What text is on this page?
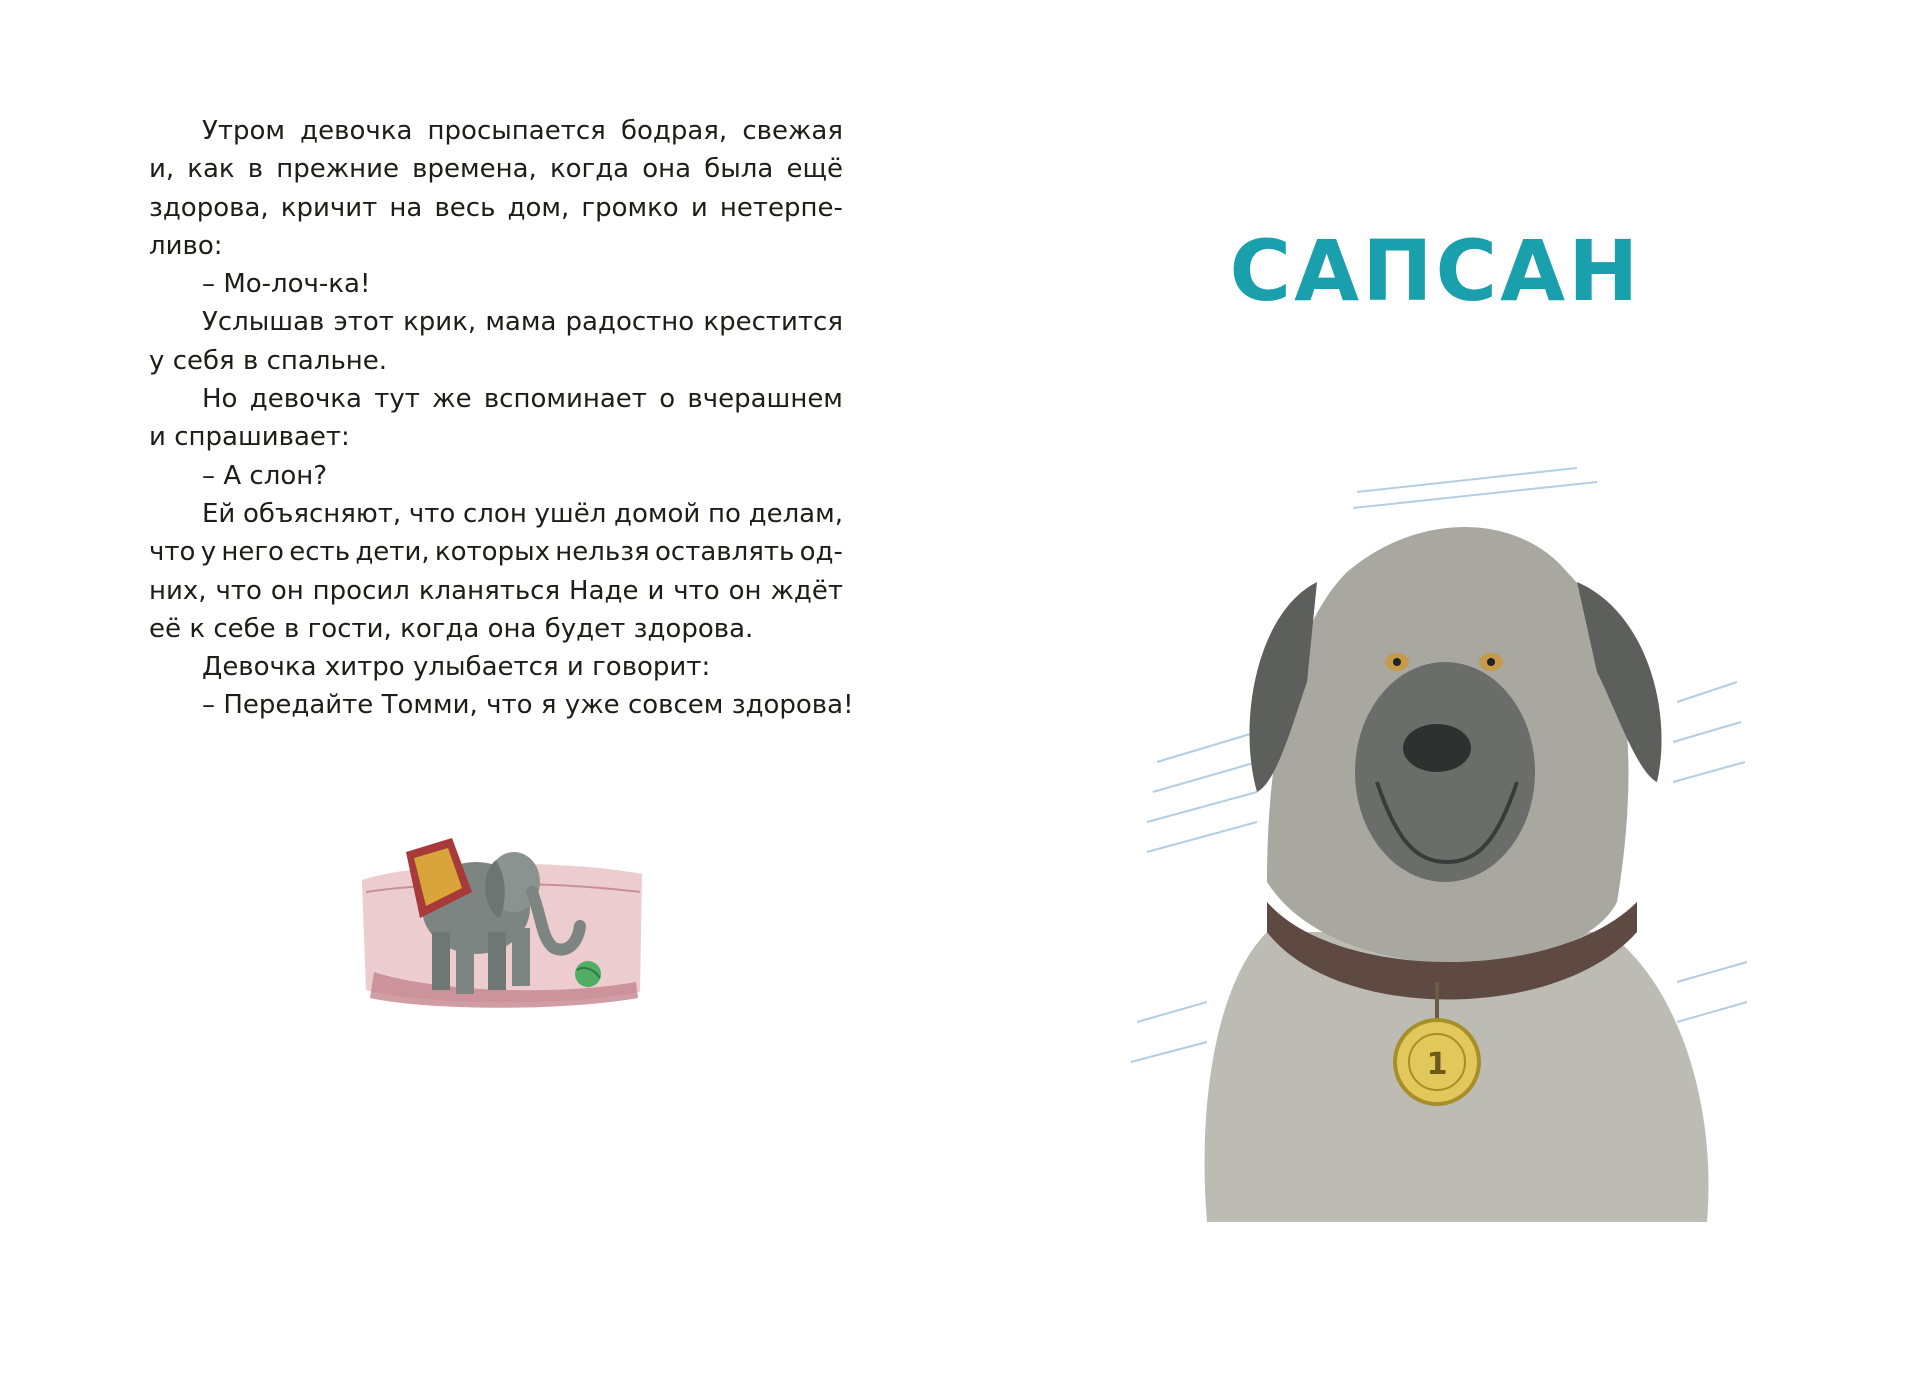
Утром девочка просыпается бодрая, свежая
и, как в прежние времена, когда она была ещё
здорова, кричит на весь дом, громко и нетерпе-
ливо:
– Мо-лоч-ка!
Услышав этот крик, мама радостно крестится
у себя в спальне.
Но девочка тут же вспоминает о вчерашнем
и спрашивает:
– А слон?
Ей объясняют, что слон ушёл домой по делам,
что у него есть дети, которых нельзя оставлять од-
них, что он просил кланяться Наде и что он ждёт
её к себе в гости, когда она будет здорова.
Девочка хитро улыбается и говорит:
– Передайте Томми, что я уже совсем здорова!
САПСАН
1
